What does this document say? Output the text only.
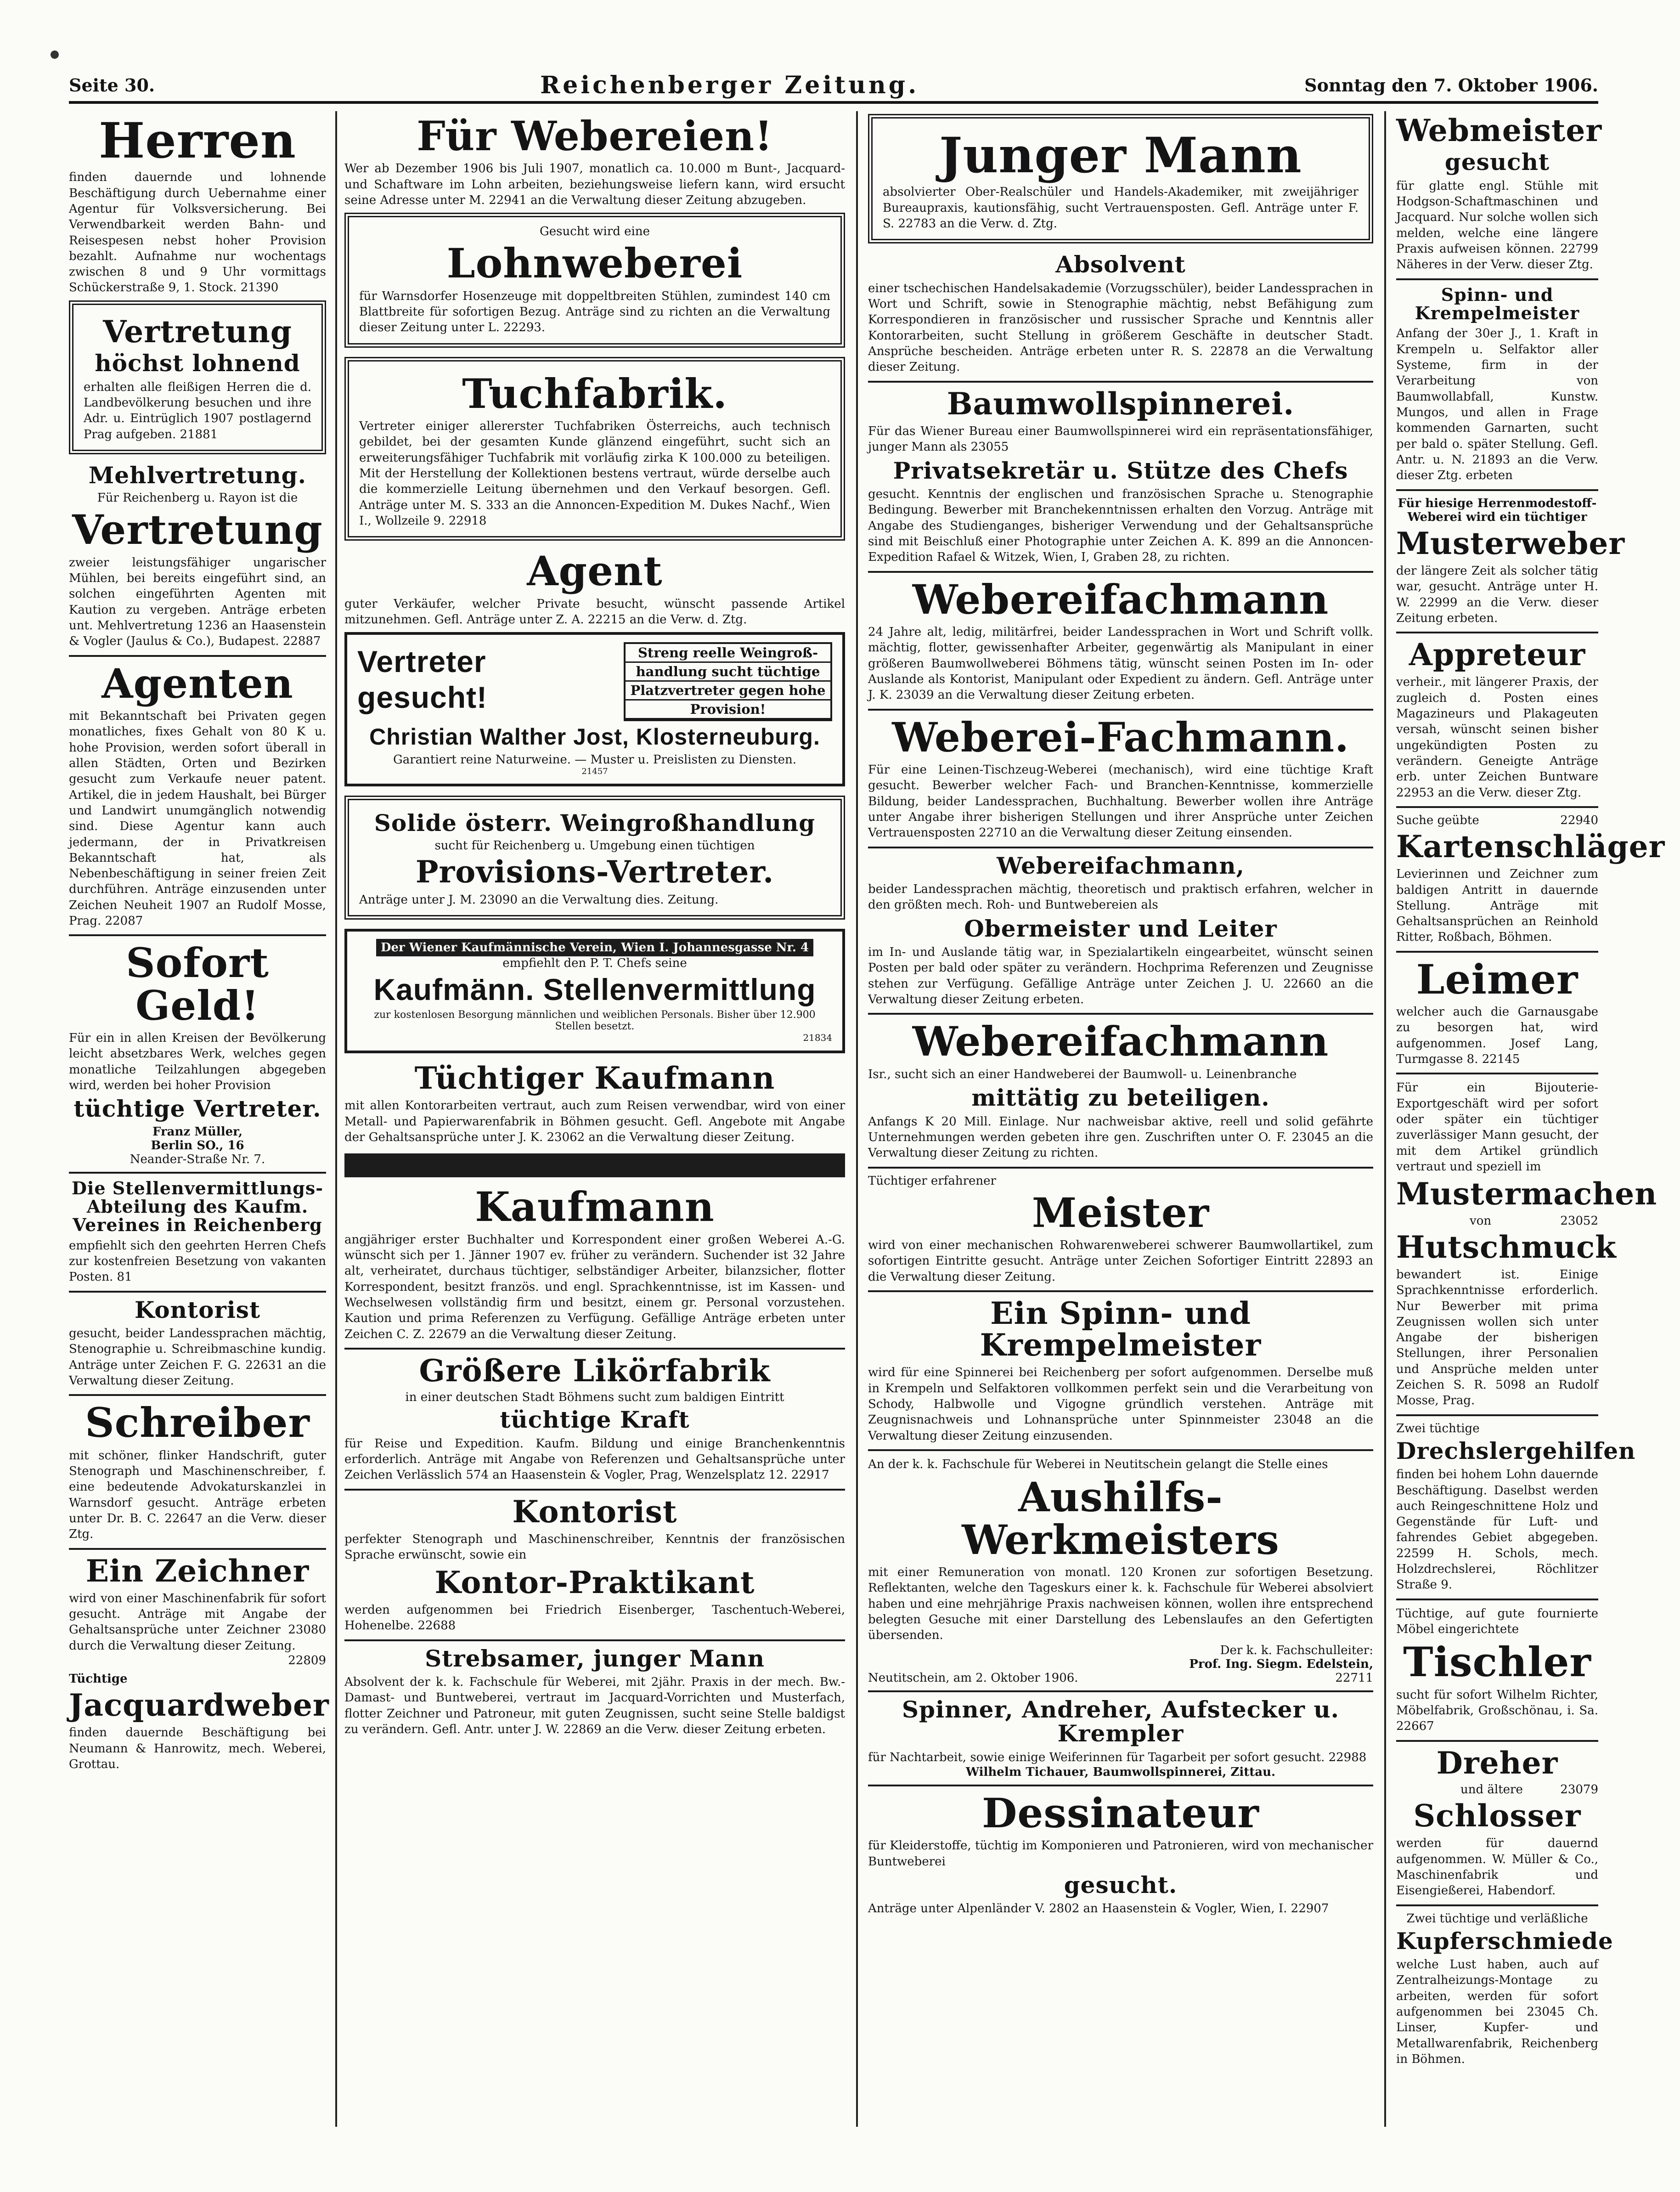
Seite 30.	Reichenberger Zeitung.	Sonntag den 7. Oktober 1906.
Herren

finden dauernde und lohnende Beschäftigung durch Uebernahme einer Agentur für Volksversicherung. Bei Verwendbarkeit werden Bahn- und Reisespesen nebst hoher Provision bezahlt. Aufnahme nur wochentags zwischen 8 und 9 Uhr vormittags Schückerstraße 9, 1. Stock. 21390

Vertretung
höchst lohnend

erhalten alle fleißigen Herren die d. Landbevölkerung besuchen und ihre Adr. u. Eintrüglich 1907 postlagernd Prag aufgeben. 21881

Mehlvertretung.

Für Reichenberg u. Rayon ist die

Vertretung

zweier leistungsfähiger ungarischer Mühlen, bei bereits eingeführt sind, an solchen eingeführten Agenten mit Kaution zu vergeben. Anträge erbeten unt. Mehlvertretung 1236 an Haasenstein & Vogler (Jaulus & Co.), Budapest. 22887

Agenten

mit Bekanntschaft bei Privaten gegen monatliches, fixes Gehalt von 80 K u. hohe Provision, werden sofort überall in allen Städten, Orten und Bezirken gesucht zum Verkaufe neuer patent. Artikel, die in jedem Haushalt, bei Bürger und Landwirt unumgänglich notwendig sind. Diese Agentur kann auch jedermann, der in Privatkreisen Bekanntschaft hat, als Nebenbeschäftigung in seiner freien Zeit durchführen. Anträge einzusenden unter Zeichen Neuheit 1907 an Rudolf Mosse, Prag. 22087

Sofort Geld!

Für ein in allen Kreisen der Bevölkerung leicht absetzbares Werk, welches gegen monatliche Teilzahlungen abgegeben wird, werden bei hoher Provision

tüchtige Vertreter.

Franz Müller,

Berlin SO., 16

Neander-Straße Nr. 7.

Die Stellenvermittlungs-Abteilung des Kaufm. Vereines in Reichenberg

empfiehlt sich den geehrten Herren Chefs zur kostenfreien Besetzung von vakanten Posten. 81

Kontorist

gesucht, beider Landessprachen mächtig, Stenographie u. Schreibmaschine kundig. Anträge unter Zeichen F. G. 22631 an die Verwaltung dieser Zeitung.

Schreiber

mit schöner, flinker Handschrift, guter Stenograph und Maschinenschreiber, f. eine bedeutende Advokaturskanzlei in Warnsdorf gesucht. Anträge erbeten unter Dr. B. C. 22647 an die Verw. dieser Ztg.

Ein Zeichner

wird von einer Maschinenfabrik für sofort gesucht. Anträge mit Angabe der Gehaltsansprüche unter Zeichner 23080 durch die Verwaltung dieser Zeitung.

22809

Tüchtige

Jacquardweber

finden dauernde Beschäftigung bei Neumann & Hanrowitz, mech. Weberei, Grottau.

Für Webereien!

Wer ab Dezember 1906 bis Juli 1907, monatlich ca. 10.000 m Bunt-, Jacquard- und Schaftware im Lohn arbeiten, beziehungsweise liefern kann, wird ersucht seine Adresse unter M. 22941 an die Verwaltung dieser Zeitung abzugeben.

Gesucht wird eine

Lohnweberei

für Warnsdorfer Hosenzeuge mit doppeltbreiten Stühlen, zumindest 140 cm Blattbreite für sofortigen Bezug. Anträge sind zu richten an die Verwaltung dieser Zeitung unter L. 22293.

Tuchfabrik.

Vertreter einiger allererster Tuchfabriken Österreichs, auch technisch gebildet, bei der gesamten Kunde glänzend eingeführt, sucht sich an erweiterungsfähiger Tuchfabrik mit vorläufig zirka K 100.000 zu beteiligen. Mit der Herstellung der Kollektionen bestens vertraut, würde derselbe auch die kommerzielle Leitung übernehmen und den Verkauf besorgen. Gefl. Anträge unter M. S. 333 an die Annoncen-Expedition M. Dukes Nachf., Wien I., Wollzeile 9. 22918

Agent

guter Verkäufer, welcher Private besucht, wünscht passende Artikel mitzunehmen. Gefl. Anträge unter Z. A. 22215 an die Verw. d. Ztg.

Vertreter
gesucht!
Streng reelle Weingroß-
handlung sucht tüchtige
Platzvertreter gegen hohe
Provision!
Christian Walther Jost, Klosterneuburg.

Garantiert reine Naturweine. — Muster u. Preislisten zu Diensten.

21457

Solide österr. Weingroßhandlung

sucht für Reichenberg u. Umgebung einen tüchtigen

Provisions-Vertreter.

Anträge unter J. M. 23090 an die Verwaltung dies. Zeitung.

Der Wiener Kaufmännische Verein, Wien I. Johannesgasse Nr. 4

empfiehlt den P. T. Chefs seine

Kaufmänn. Stellenvermittlung

zur kostenlosen Besorgung männlichen und weiblichen Personals. Bisher über 12.900 Stellen besetzt.

21834

Tüchtiger Kaufmann

mit allen Kontorarbeiten vertraut, auch zum Reisen verwendbar, wird von einer Metall- und Papierwarenfabrik in Böhmen gesucht. Gefl. Angebote mit Angabe der Gehaltsansprüche unter J. K. 23062 an die Verwaltung dieser Zeitung.

Kaufmann

angjähriger erster Buchhalter und Korrespondent einer großen Weberei A.-G. wünscht sich per 1. Jänner 1907 ev. früher zu verändern. Suchender ist 32 Jahre alt, verheiratet, durchaus tüchtiger, selbständiger Arbeiter, bilanzsicher, flotter Korrespondent, besitzt französ. und engl. Sprachkenntnisse, ist im Kassen- und Wechselwesen vollständig firm und besitzt, einem gr. Personal vorzustehen. Kaution und prima Referenzen zu Verfügung. Gefällige Anträge erbeten unter Zeichen C. Z. 22679 an die Verwaltung dieser Zeitung.

Größere Likörfabrik

in einer deutschen Stadt Böhmens sucht zum baldigen Eintritt

tüchtige Kraft

für Reise und Expedition. Kaufm. Bildung und einige Branchenkenntnis erforderlich. Anträge mit Angabe von Referenzen und Gehaltsansprüche unter Zeichen Verlässlich 574 an Haasenstein & Vogler, Prag, Wenzelsplatz 12. 22917

Kontorist

perfekter Stenograph und Maschinenschreiber, Kenntnis der französischen Sprache erwünscht, sowie ein

Kontor-Praktikant

werden aufgenommen bei Friedrich Eisenberger, Taschentuch-Weberei, Hohenelbe. 22688

Strebsamer, junger Mann

Absolvent der k. k. Fachschule für Weberei, mit 2jähr. Praxis in der mech. Bw.-Damast- und Buntweberei, vertraut im Jacquard-Vorrichten und Musterfach, flotter Zeichner und Patroneur, mit guten Zeugnissen, sucht seine Stelle baldigst zu verändern. Gefl. Antr. unter J. W. 22869 an die Verw. dieser Zeitung erbeten.

Junger Mann

absolvierter Ober-Realschüler und Handels-Akademiker, mit zweijähriger Bureaupraxis, kautionsfähig, sucht Vertrauensposten. Gefl. Anträge unter F. S. 22783 an die Verw. d. Ztg.

Absolvent

einer tschechischen Handelsakademie (Vorzugsschüler), beider Landessprachen in Wort und Schrift, sowie in Stenographie mächtig, nebst Befähigung zum Korrespondieren in französischer und russischer Sprache und Kenntnis aller Kontorarbeiten, sucht Stellung in größerem Geschäfte in deutscher Stadt. Ansprüche bescheiden. Anträge erbeten unter R. S. 22878 an die Verwaltung dieser Zeitung.

Baumwollspinnerei.

Für das Wiener Bureau einer Baumwollspinnerei wird ein repräsentationsfähiger, junger Mann als 23055

Privatsekretär u. Stütze des Chefs

gesucht. Kenntnis der englischen und französischen Sprache u. Stenographie Bedingung. Bewerber mit Branchekenntnissen erhalten den Vorzug. Anträge mit Angabe des Studienganges, bisheriger Verwendung und der Gehaltsansprüche sind mit Beischluß einer Photographie unter Zeichen A. K. 899 an die Annoncen-Expedition Rafael & Witzek, Wien, I, Graben 28, zu richten.

Webereifachmann

24 Jahre alt, ledig, militärfrei, beider Landessprachen in Wort und Schrift vollk. mächtig, flotter, gewissenhafter Arbeiter, gegenwärtig als Manipulant in einer größeren Baumwollweberei Böhmens tätig, wünscht seinen Posten im In- oder Auslande als Kontorist, Manipulant oder Expedient zu ändern. Gefl. Anträge unter J. K. 23039 an die Verwaltung dieser Zeitung erbeten.

Weberei-Fachmann.

Für eine Leinen-Tischzeug-Weberei (mechanisch), wird eine tüchtige Kraft gesucht. Bewerber welcher Fach- und Branchen-Kenntnisse, kommerzielle Bildung, beider Landessprachen, Buchhaltung. Bewerber wollen ihre Anträge unter Angabe ihrer bisherigen Stellungen und ihrer Ansprüche unter Zeichen Vertrauensposten 22710 an die Verwaltung dieser Zeitung einsenden.

Webereifachmann,

beider Landessprachen mächtig, theoretisch und praktisch erfahren, welcher in den größten mech. Roh- und Buntwebereien als

Obermeister und Leiter

im In- und Auslande tätig war, in Spezialartikeln eingearbeitet, wünscht seinen Posten per bald oder später zu verändern. Hochprima Referenzen und Zeugnisse stehen zur Verfügung. Gefällige Anträge unter Zeichen J. U. 22660 an die Verwaltung dieser Zeitung erbeten.

Webereifachmann

Isr., sucht sich an einer Handweberei der Baumwoll- u. Leinenbranche

mittätig zu beteiligen.

Anfangs K 20 Mill. Einlage. Nur nachweisbar aktive, reell und solid gefährte Unternehmungen werden gebeten ihre gen. Zuschriften unter O. F. 23045 an die Verwaltung dieser Zeitung zu richten.

Tüchtiger erfahrener

Meister

wird von einer mechanischen Rohwarenweberei schwerer Baumwollartikel, zum sofortigen Eintritte gesucht. Anträge unter Zeichen Sofortiger Eintritt 22893 an die Verwaltung dieser Zeitung.

Ein Spinn- und Krempelmeister

wird für eine Spinnerei bei Reichenberg per sofort aufgenommen. Derselbe muß in Krempeln und Selfaktoren vollkommen perfekt sein und die Verarbeitung von Schody, Halbwolle und Vigogne gründlich verstehen. Anträge mit Zeugnisnachweis und Lohnansprüche unter Spinnmeister 23048 an die Verwaltung dieser Zeitung einzusenden.

An der k. k. Fachschule für Weberei in Neutitschein gelangt die Stelle eines

Aushilfs-Werkmeisters

mit einer Remuneration von monatl. 120 Kronen zur sofortigen Besetzung. Reflektanten, welche den Tageskurs einer k. k. Fachschule für Weberei absolviert haben und eine mehrjährige Praxis nachweisen können, wollen ihre entsprechend belegten Gesuche mit einer Darstellung des Lebenslaufes an den Gefertigten übersenden.

Der k. k. Fachschulleiter:

Prof. Ing. Siegm. Edelstein,

Neutitschein, am 2. Oktober 1906.	22711
Spinner, Andreher, Aufstecker u. Krempler

für Nachtarbeit, sowie einige Weiferinnen für Tagarbeit per sofort gesucht. 22988

Wilhelm Tichauer, Baumwollspinnerei, Zittau.

Dessinateur

für Kleiderstoffe, tüchtig im Komponieren und Patronieren, wird von mechanischer Buntweberei

gesucht.

Anträge unter Alpenländer V. 2802 an Haasenstein & Vogler, Wien, I. 22907

Webmeister
gesucht

für glatte engl. Stühle mit Hodgson-Schaftmaschinen und Jacquard. Nur solche wollen sich melden, welche eine längere Praxis aufweisen können. 22799 Näheres in der Verw. dieser Ztg.

Spinn- und Krempelmeister

Anfang der 30er J., 1. Kraft in Krempeln u. Selfaktor aller Systeme, firm in der Verarbeitung von Baumwollabfall, Kunstw. Mungos, und allen in Frage kommenden Garnarten, sucht per bald o. später Stellung. Gefl. Antr. u. N. 21893 an die Verw. dieser Ztg. erbeten

Für hiesige Herrenmodestoff-Weberei wird ein tüchtiger

Musterweber

der längere Zeit als solcher tätig war, gesucht. Anträge unter H. W. 22999 an die Verw. dieser Zeitung erbeten.

Appreteur

verheir., mit längerer Praxis, der zugleich d. Posten eines Magazineurs und Plakageuten versah, wünscht seinen bisher ungekündigten Posten zu verändern. Geneigte Anträge erb. unter Zeichen Buntware 22953 an die Verw. dieser Ztg.

Suche geübte	22940
Kartenschläger

Levierinnen und Zeichner zum baldigen Antritt in dauernde Stellung. Anträge mit Gehaltsansprüchen an Reinhold Ritter, Roßbach, Böhmen.

Leimer

welcher auch die Garnausgabe zu besorgen hat, wird aufgenommen. Josef Lang, Turmgasse 8. 22145

Für ein Bijouterie-Exportgeschäft wird per sofort oder später ein tüchtiger zuverlässiger Mann gesucht, der mit dem Artikel gründlich vertraut und speziell im

Mustermachen
von	23052
Hutschmuck

bewandert ist. Einige Sprachkenntnisse erforderlich. Nur Bewerber mit prima Zeugnissen wollen sich unter Angabe der bisherigen Stellungen, ihrer Personalien und Ansprüche melden unter Zeichen S. R. 5098 an Rudolf Mosse, Prag.

Zwei tüchtige

Drechslergehilfen

finden bei hohem Lohn dauernde Beschäftigung. Daselbst werden auch Reingeschnittene Holz und Gegenstände für Luft- und fahrendes Gebiet abgegeben. 22599 H. Schols, mech. Holzdrechslerei, Röchlitzer Straße 9.

Tüchtige, auf gute fournierte Möbel eingerichtete

Tischler

sucht für sofort Wilhelm Richter, Möbelfabrik, Großschönau, i. Sa. 22667

Dreher
und ältere	23079
Schlosser

werden für dauernd aufgenommen. W. Müller & Co., Maschinenfabrik und Eisengießerei, Habendorf.

Zwei tüchtige und verläßliche

Kupferschmiede

welche Lust haben, auch auf Zentralheizungs-Montage zu arbeiten, werden für sofort aufgenommen bei 23045 Ch. Linser, Kupfer- und Metallwarenfabrik, Reichenberg in Böhmen.
